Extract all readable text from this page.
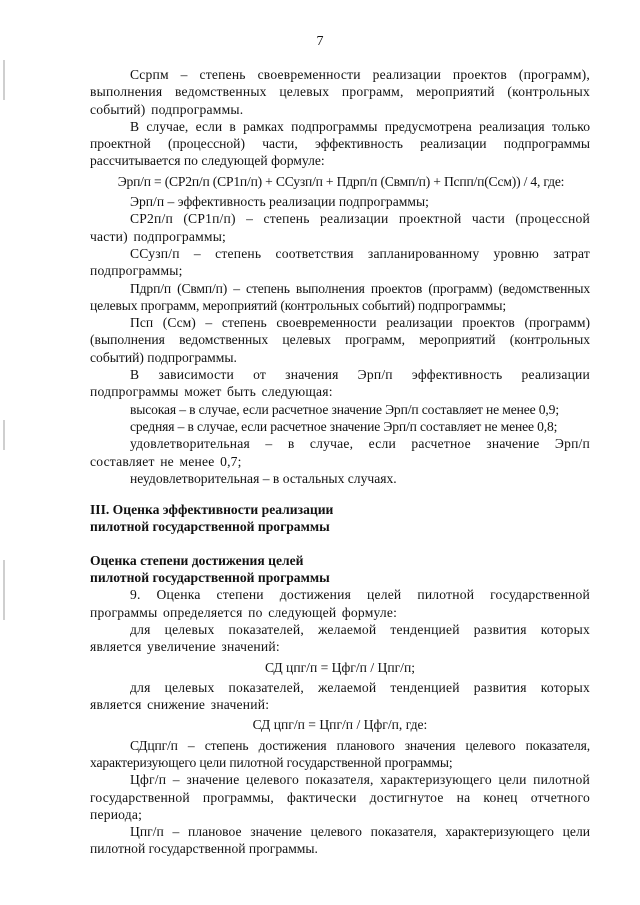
7

Сcрпм – степень своевременности реализации проектов (программ), выполнения ведомственных целевых программ, мероприятий (контрольных событий) подпрограммы.

В случае, если в рамках подпрограммы предусмотрена реализация только проектной (процессной) части, эффективность реализации подпрограммы рассчитывается по следующей формуле:

Эрп/п = (СР2п/п (СР1п/п) + ССузп/п + Пдрп/п (Свмп/п) + Пспп/п(Ссм)) / 4, где:

Эрп/п – эффективность реализации подпрограммы;

СР2п/п (СР1п/п) – степень реализации проектной части (процессной части) подпрограммы;

ССузп/п – степень соответствия запланированному уровню затрат подпрограммы;

Пдрп/п (Свмп/п) – степень выполнения проектов (программ) (ведомственных целевых программ, мероприятий (контрольных событий) подпрограммы;

Псп (Ссм) – степень своевременности реализации проектов (программ) (выполнения ведомственных целевых программ, мероприятий (контрольных событий) подпрограммы.

В зависимости от значения Эрп/п эффективность реализации подпрограммы может быть следующая:

высокая – в случае, если расчетное значение Эрп/п составляет не менее 0,9;

средняя – в случае, если расчетное значение Эрп/п составляет не менее 0,8;

удовлетворительная – в случае, если расчетное значение Эрп/п составляет не менее 0,7;

неудовлетворительная – в остальных случаях.

III. Оценка эффективности реализации

пилотной государственной программы

Оценка степени достижения целей

пилотной государственной программы

9. Оценка степени достижения целей пилотной государственной программы определяется по следующей формуле:

для целевых показателей, желаемой тенденцией развития которых является увеличение значений:

СД цпг/п = Цфг/п / Цпг/п;

для целевых показателей, желаемой тенденцией развития которых является снижение значений:

СД цпг/п = Цпг/п / Цфг/п, где:

СДцпг/п – степень достижения планового значения целевого показателя, характеризующего цели пилотной государственной программы;

Цфг/п – значение целевого показателя, характеризующего цели пилотной государственной программы, фактически достигнутое на конец отчетного периода;

Цпг/п – плановое значение целевого показателя, характеризующего цели пилотной государственной программы.
